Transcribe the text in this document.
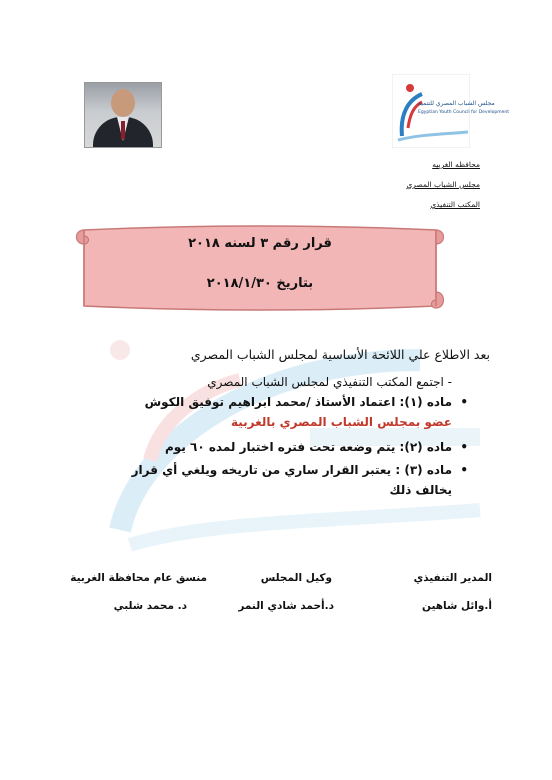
مجلس الشباب المصري للتنمية
Egyptian Youth Council for Development
محافظه الغربيه
مجلس الشباب المصري
المكتب التنفيذي
قرار رقم ٣ لسنه ٢٠١٨
بتاريخ ٢٠١٨/١/٣٠
بعد الاطلاع علي اللائحة الأساسية لمجلس الشباب المصري
- اجتمع المكتب التنفيذي لمجلس الشباب المصري
• ماده (١): اعتماد الأستاذ /محمد ابراهيم توفيق الكوش
عضو بمجلس الشباب المصري بالغربية
• ماده (٢): يتم وضعه تحت فتره اختبار لمده ٦٠ يوم
• ماده (٣) : يعتبر القرار ساري من تاريخه ويلغي أي قرار
يخالف ذلك
المدير التنفيذي
أ.وائل شاهين
وكيل المجلس
د.أحمد شادي النمر
منسق عام محافظة الغربية
د. محمد شلبي
